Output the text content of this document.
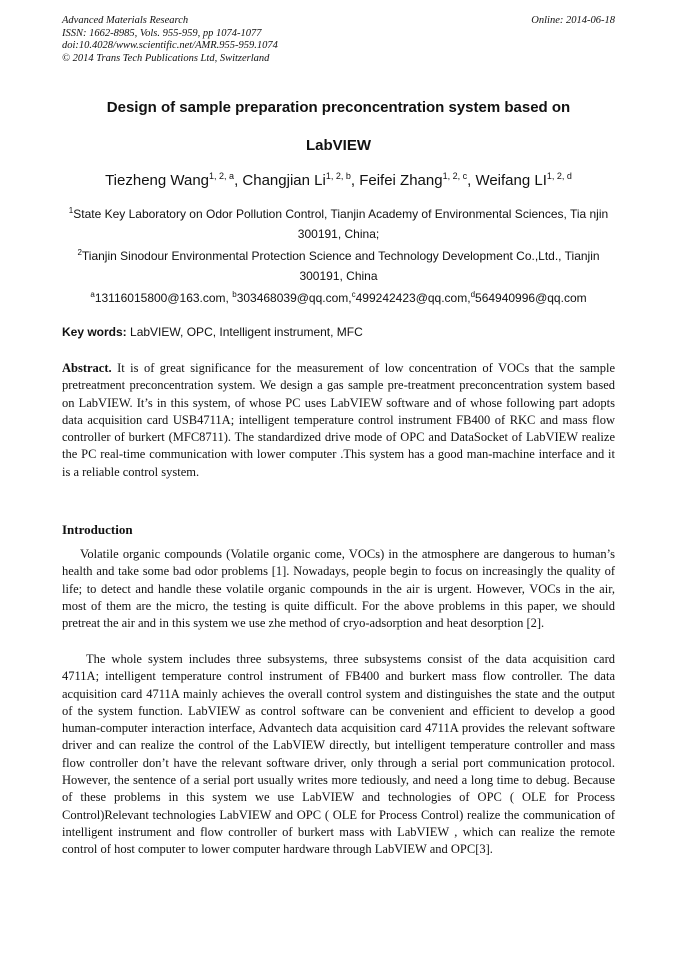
Advanced Materials Research
ISSN: 1662-8985, Vols. 955-959, pp 1074-1077
doi:10.4028/www.scientific.net/AMR.955-959.1074
© 2014 Trans Tech Publications Ltd, Switzerland
Online: 2014-06-18
Design of sample preparation preconcentration system based on
LabVIEW
Tiezheng Wang$^{1, 2, a}$, Changjian Li$^{1, 2, b}$, Feifei Zhang$^{1, 2, c}$, Weifang LI$^{1, 2, d}$
$^1$State Key Laboratory on Odor Pollution Control, Tianjin Academy of Environmental Sciences, Tia njin 300191, China;
$^2$Tianjin Sinodour Environmental Protection Science and Technology Development Co.,Ltd., Tianjin 300191, China
$^a$13116015800@163.com, $^b$303468039@qq.com,$^c$499242423@qq.com,$^d$564940996@qq.com
Key words: LabVIEW, OPC, Intelligent instrument, MFC
Abstract. It is of great significance for the measurement of low concentration of VOCs that the sample pretreatment preconcentration system. We design a gas sample pre-treatment preconcentration system based on LabVIEW. It’s in this system, of whose PC uses LabVIEW software and of whose following part adopts data acquisition card USB4711A; intelligent temperature control instrument FB400 of RKC and mass flow controller of burkert (MFC8711). The standardized drive mode of OPC and DataSocket of LabVIEW realize the PC real-time communication with lower computer .This system has a good man-machine interface and it is a reliable control system.
Introduction
Volatile organic compounds (Volatile organic come, VOCs) in the atmosphere are dangerous to human’s health and take some bad odor problems [1]. Nowadays, people begin to focus on increasingly the quality of life; to detect and handle these volatile organic compounds in the air is urgent. However, VOCs in the air, most of them are the micro, the testing is quite difficult. For the above problems in this paper, we should pretreat the air and in this system we use zhe method of cryo-adsorption and heat desorption [2].
The whole system includes three subsystems, three subsystems consist of the data acquisition card 4711A; intelligent temperature control instrument of FB400 and burkert mass flow controller. The data acquisition card 4711A mainly achieves the overall control system and distinguishes the state and the output of the system function. LabVIEW as control software can be convenient and efficient to develop a good human-computer interaction interface, Advantech data acquisition card 4711A provides the relevant software driver and can realize the control of the LabVIEW directly, but intelligent temperature controller and mass flow controller don’t have the relevant software driver, only through a serial port communication protocol. However, the sentence of a serial port usually writes more tediously, and need a long time to debug. Because of these problems in this system we use LabVIEW and technologies of OPC ( OLE for Process Control)Relevant technologies LabVIEW and OPC ( OLE for Process Control) realize the communication of intelligent instrument and flow controller of burkert mass with LabVIEW , which can realize the remote control of host computer to lower computer hardware through LabVIEW and OPC[3].
